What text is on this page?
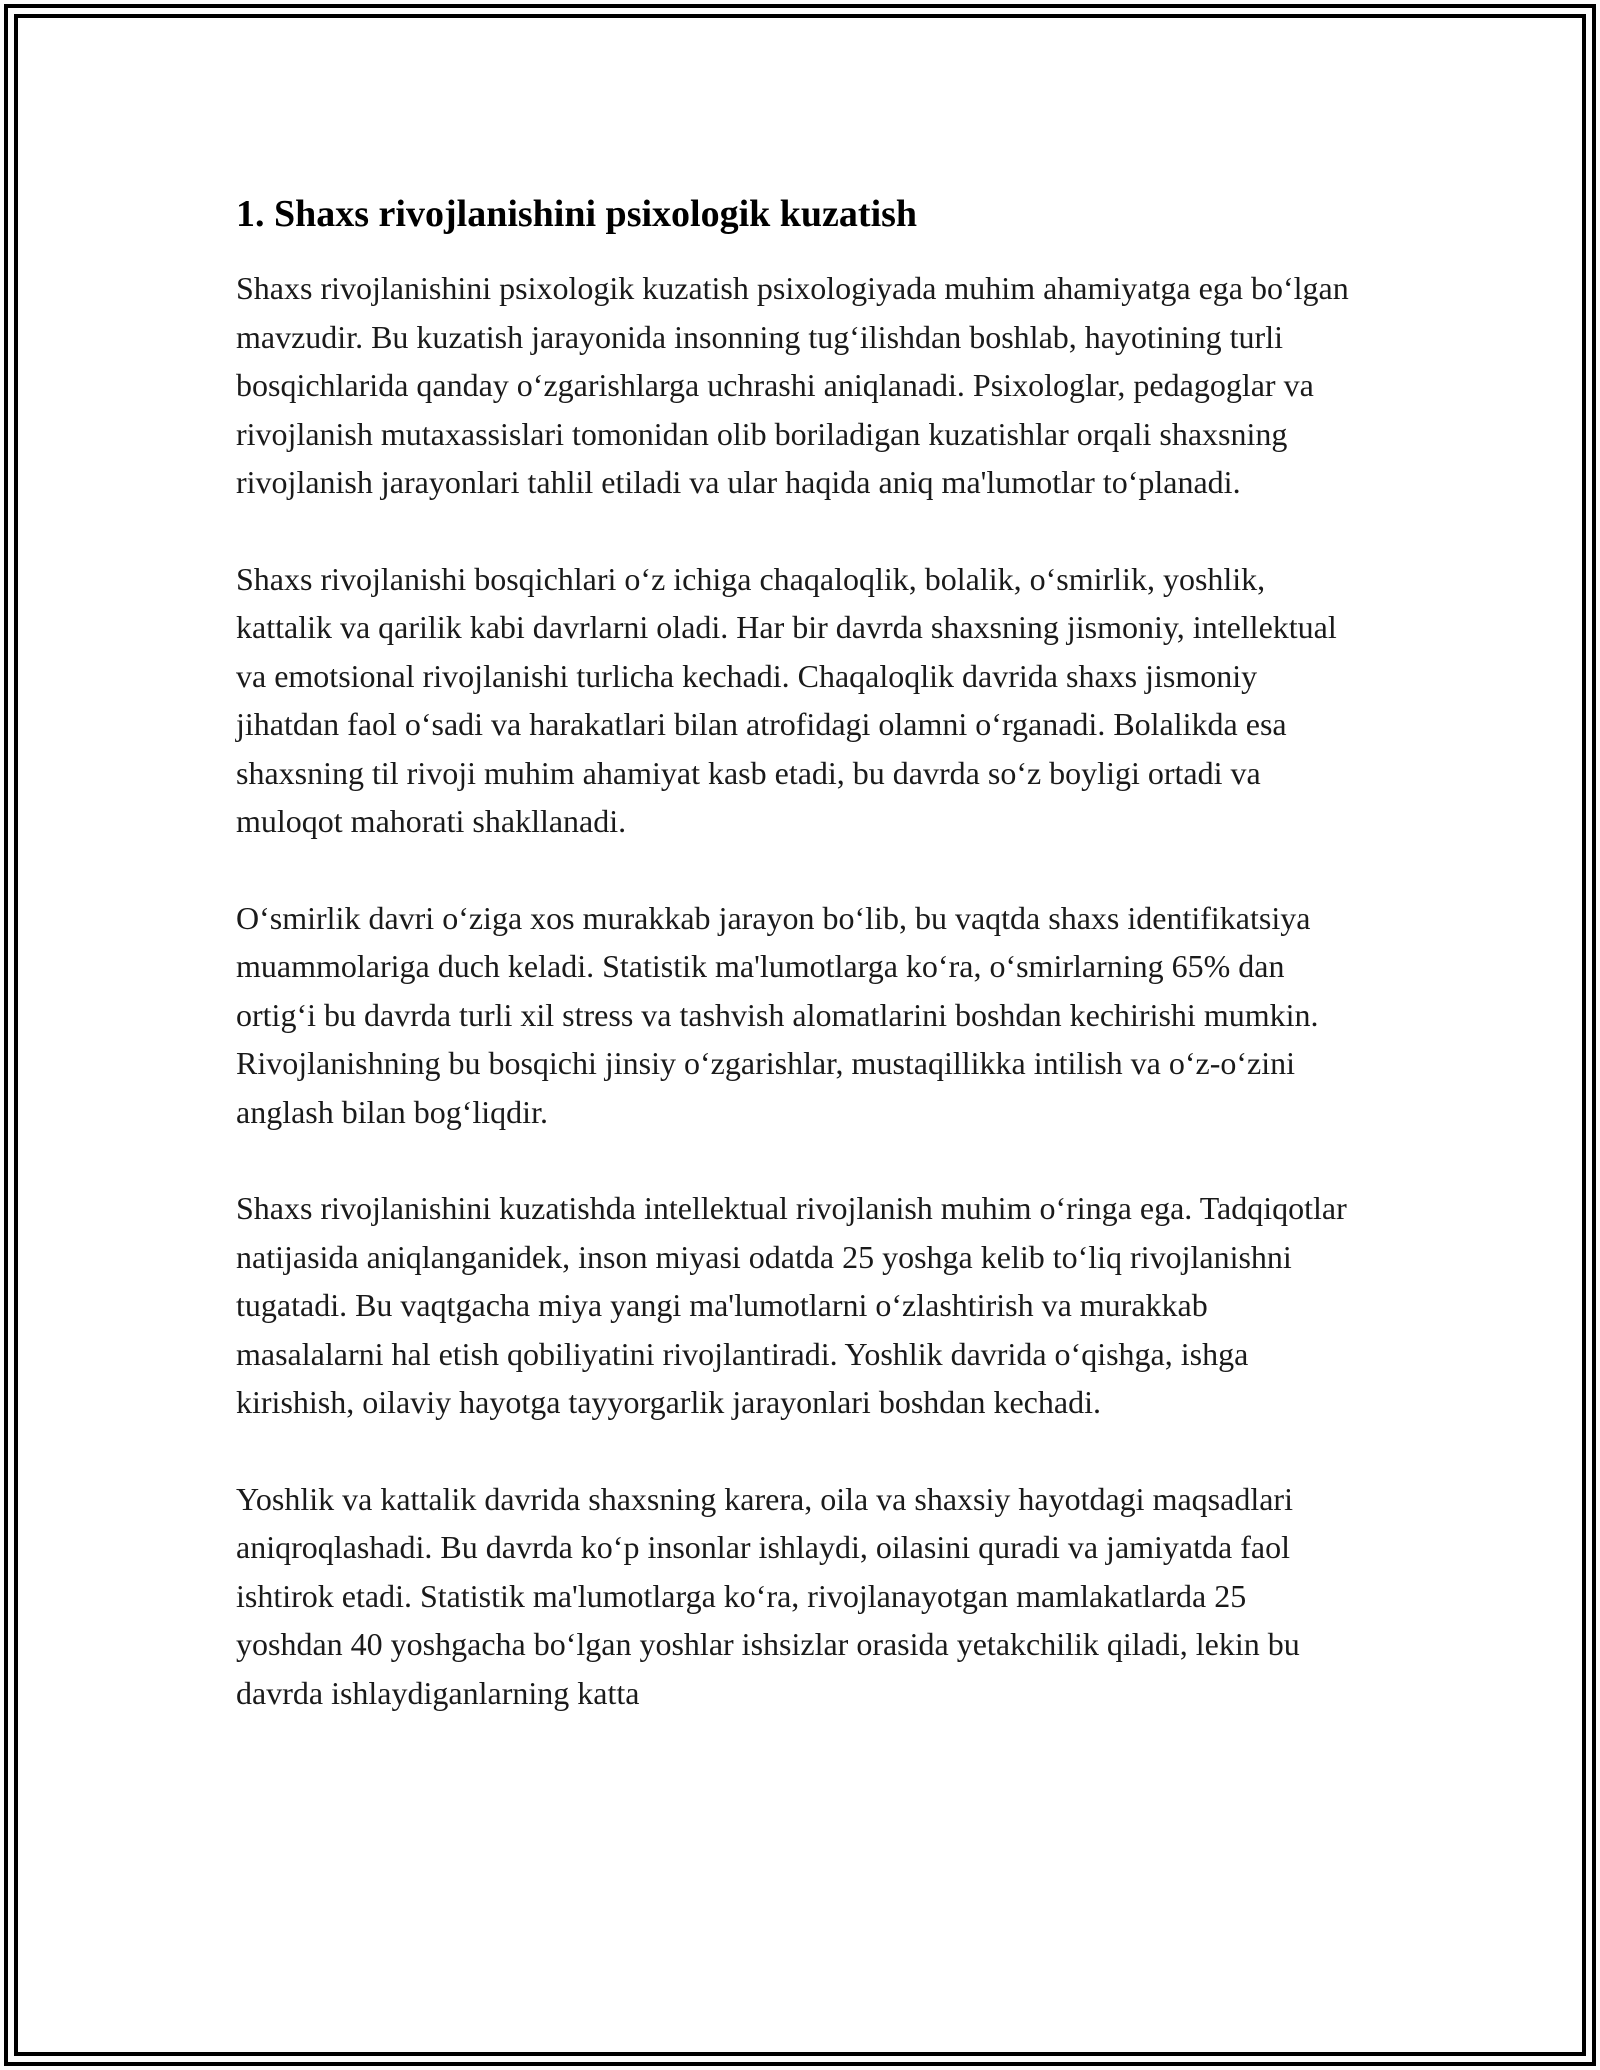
1. Shaxs rivojlanishini psixologik kuzatish

Shaxs rivojlanishini psixologik kuzatish psixologiyada muhim ahamiyatga ega bo‘lgan mavzudir. Bu kuzatish jarayonida insonning tug‘ilishdan boshlab, hayotining turli bosqichlarida qanday o‘zgarishlarga uchrashi aniqlanadi. Psixologlar, pedagoglar va rivojlanish mutaxassislari tomonidan olib boriladigan kuzatishlar orqali shaxsning rivojlanish jarayonlari tahlil etiladi va ular haqida aniq ma'lumotlar to‘planadi.

Shaxs rivojlanishi bosqichlari o‘z ichiga chaqaloqlik, bolalik, o‘smirlik, yoshlik, kattalik va qarilik kabi davrlarni oladi. Har bir davrda shaxsning jismoniy, intellektual va emotsional rivojlanishi turlicha kechadi. Chaqaloqlik davrida shaxs jismoniy jihatdan faol o‘sadi va harakatlari bilan atrofidagi olamni o‘rganadi. Bolalikda esa shaxsning til rivoji muhim ahamiyat kasb etadi, bu davrda so‘z boyligi ortadi va muloqot mahorati shakllanadi.

O‘smirlik davri o‘ziga xos murakkab jarayon bo‘lib, bu vaqtda shaxs identifikatsiya muammolariga duch keladi. Statistik ma'lumotlarga ko‘ra, o‘smirlarning 65% dan ortig‘i bu davrda turli xil stress va tashvish alomatlarini boshdan kechirishi mumkin. Rivojlanishning bu bosqichi jinsiy o‘zgarishlar, mustaqillikka intilish va o‘z-o‘zini anglash bilan bog‘liqdir.

Shaxs rivojlanishini kuzatishda intellektual rivojlanish muhim o‘ringa ega. Tadqiqotlar natijasida aniqlanganidek, inson miyasi odatda 25 yoshga kelib to‘liq rivojlanishni tugatadi. Bu vaqtgacha miya yangi ma'lumotlarni o‘zlashtirish va murakkab masalalarni hal etish qobiliyatini rivojlantiradi. Yoshlik davrida o‘qishga, ishga kirishish, oilaviy hayotga tayyorgarlik jarayonlari boshdan kechadi.

Yoshlik va kattalik davrida shaxsning karera, oila va shaxsiy hayotdagi maqsadlari aniqroqlashadi. Bu davrda ko‘p insonlar ishlaydi, oilasini quradi va jamiyatda faol ishtirok etadi. Statistik ma'lumotlarga ko‘ra, rivojlanayotgan mamlakatlarda 25 yoshdan 40 yoshgacha bo‘lgan yoshlar ishsizlar orasida yetakchilik qiladi, lekin bu davrda ishlaydiganlarning katta
